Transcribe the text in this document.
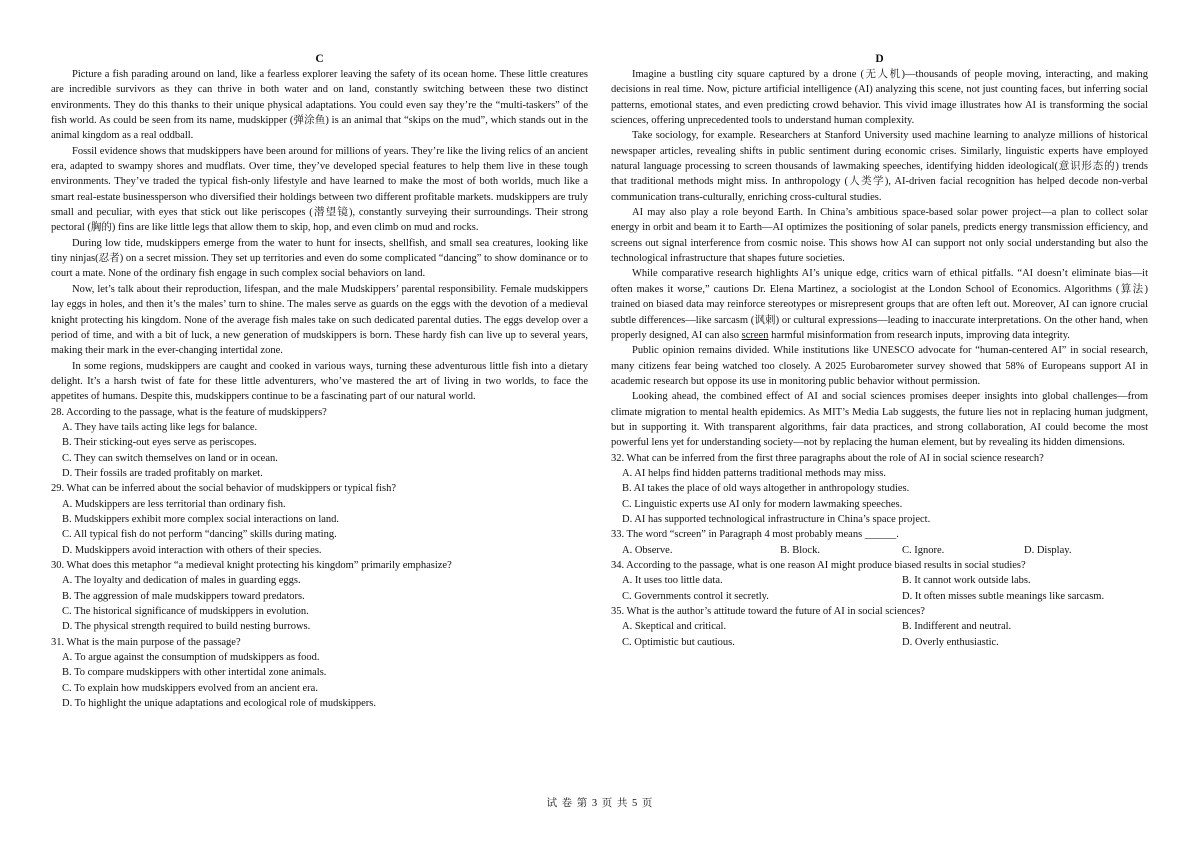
C

Picture a fish parading around on land, like a fearless explorer leaving the safety of its ocean home. These little creatures are incredible survivors as they can thrive in both water and on land, constantly switching between these two distinct environments. They do this thanks to their unique physical adaptations. You could even say they’re the “multi-taskers” of the fish world. As could be seen from its name, mudskipper (弹涂鱼) is an animal that “skips on the mud”, which stands out in the animal kingdom as a real oddball.

Fossil evidence shows that mudskippers have been around for millions of years. They’re like the living relics of an ancient era, adapted to swampy shores and mudflats. Over time, they’ve developed special features to help them live in these tough environments. They’ve traded the typical fish-only lifestyle and have learned to make the most of both worlds, much like a smart real-estate businessperson who diversified their holdings between two different profitable markets. mudskippers are truly small and peculiar, with eyes that stick out like periscopes (潜望镜), constantly surveying their surroundings. Their strong pectoral (胸的) fins are like little legs that allow them to skip, hop, and even climb on mud and rocks.

During low tide, mudskippers emerge from the water to hunt for insects, shellfish, and small sea creatures, looking like tiny ninjas(忍者) on a secret mission. They set up territories and even do some complicated “dancing” to show dominance or to court a mate. None of the ordinary fish engage in such complex social behaviors on land.

Now, let’s talk about their reproduction, lifespan, and the male Mudskippers’ parental responsibility. Female mudskippers lay eggs in holes, and then it’s the males’ turn to shine. The males serve as guards on the eggs with the devotion of a medieval knight protecting his kingdom. None of the average fish males take on such dedicated parental duties. The eggs develop over a period of time, and with a bit of luck, a new generation of mudskippers is born. These hardy fish can live up to several years, making their mark in the ever-changing intertidal zone.

In some regions, mudskippers are caught and cooked in various ways, turning these adventurous little fish into a dietary delight. It’s a harsh twist of fate for these little adventurers, who’ve mastered the art of living in two worlds, to face the appetites of humans. Despite this, mudskippers continue to be a fascinating part of our natural world.

28. According to the passage, what is the feature of mudskippers?

A. They have tails acting like legs for balance.

B. Their sticking-out eyes serve as periscopes.

C. They can switch themselves on land or in ocean.

D. Their fossils are traded profitably on market.

29. What can be inferred about the social behavior of mudskippers or typical fish?

A. Mudskippers are less territorial than ordinary fish.

B. Mudskippers exhibit more complex social interactions on land.

C. All typical fish do not perform “dancing” skills during mating.

D. Mudskippers avoid interaction with others of their species.

30. What does this metaphor “a medieval knight protecting his kingdom” primarily emphasize?

A. The loyalty and dedication of males in guarding eggs.

B. The aggression of male mudskippers toward predators.

C. The historical significance of mudskippers in evolution.

D. The physical strength required to build nesting burrows.

31. What is the main purpose of the passage?

A. To argue against the consumption of mudskippers as food.

B. To compare mudskippers with other intertidal zone animals.

C. To explain how mudskippers evolved from an ancient era.

D. To highlight the unique adaptations and ecological role of mudskippers.

D

Imagine a bustling city square captured by a drone (无人机)—thousands of people moving, interacting, and making decisions in real time. Now, picture artificial intelligence (AI) analyzing this scene, not just counting faces, but inferring social patterns, emotional states, and even predicting crowd behavior. This vivid image illustrates how AI is transforming the social sciences, offering unprecedented tools to understand human complexity.

Take sociology, for example. Researchers at Stanford University used machine learning to analyze millions of historical newspaper articles, revealing shifts in public sentiment during economic crises. Similarly, linguistic experts have employed natural language processing to screen thousands of lawmaking speeches, identifying hidden ideological(意识形态的) trends that traditional methods might miss. In anthropology (人类学), AI-driven facial recognition has helped decode non-verbal communication trans-culturally, enriching cross-cultural studies.

AI may also play a role beyond Earth. In China’s ambitious space-based solar power project—a plan to collect solar energy in orbit and beam it to Earth—AI optimizes the positioning of solar panels, predicts energy transmission efficiency, and screens out signal interference from cosmic noise. This shows how AI can support not only social understanding but also the technological infrastructure that shapes future societies.

While comparative research highlights AI’s unique edge, critics warn of ethical pitfalls. “AI doesn’t eliminate bias—it often makes it worse,” cautions Dr. Elena Martinez, a sociologist at the London School of Economics. Algorithms (算法) trained on biased data may reinforce stereotypes or misrepresent groups that are often left out. Moreover, AI can ignore crucial subtle differences—like sarcasm (讽刺) or cultural expressions—leading to inaccurate interpretations. On the other hand, when properly designed, AI can also screen harmful misinformation from research inputs, improving data integrity.

Public opinion remains divided. While institutions like UNESCO advocate for “human-centered AI” in social research, many citizens fear being watched too closely. A 2025 Eurobarometer survey showed that 58% of Europeans support AI in academic research but oppose its use in monitoring public behavior without permission.

Looking ahead, the combined effect of AI and social sciences promises deeper insights into global challenges—from climate migration to mental health epidemics. As MIT’s Media Lab suggests, the future lies not in replacing human judgment, but in supporting it. With transparent algorithms, fair data practices, and strong collaboration, AI could become the most powerful lens yet for understanding society—not by replacing the human element, but by revealing its hidden dimensions.

32. What can be inferred from the first three paragraphs about the role of AI in social science research?

A. AI helps find hidden patterns traditional methods may miss.

B. AI takes the place of old ways altogether in anthropology studies.

C. Linguistic experts use AI only for modern lawmaking speeches.

D. AI has supported technological infrastructure in China’s space project.

33. The word “screen” in Paragraph 4 most probably means ______.

A. Observe.	B. Block.	C. Ignore.	D. Display.

34. According to the passage, what is one reason AI might produce biased results in social studies?

A. It uses too little data.	B. It cannot work outside labs.
C. Governments control it secretly.	D. It often misses subtle meanings like sarcasm.

35. What is the author’s attitude toward the future of AI in social sciences?

A. Skeptical and critical.	B. Indifferent and neutral.
C. Optimistic but cautious.	D. Overly enthusiastic.
试 卷 第 3 页 共 5 页
